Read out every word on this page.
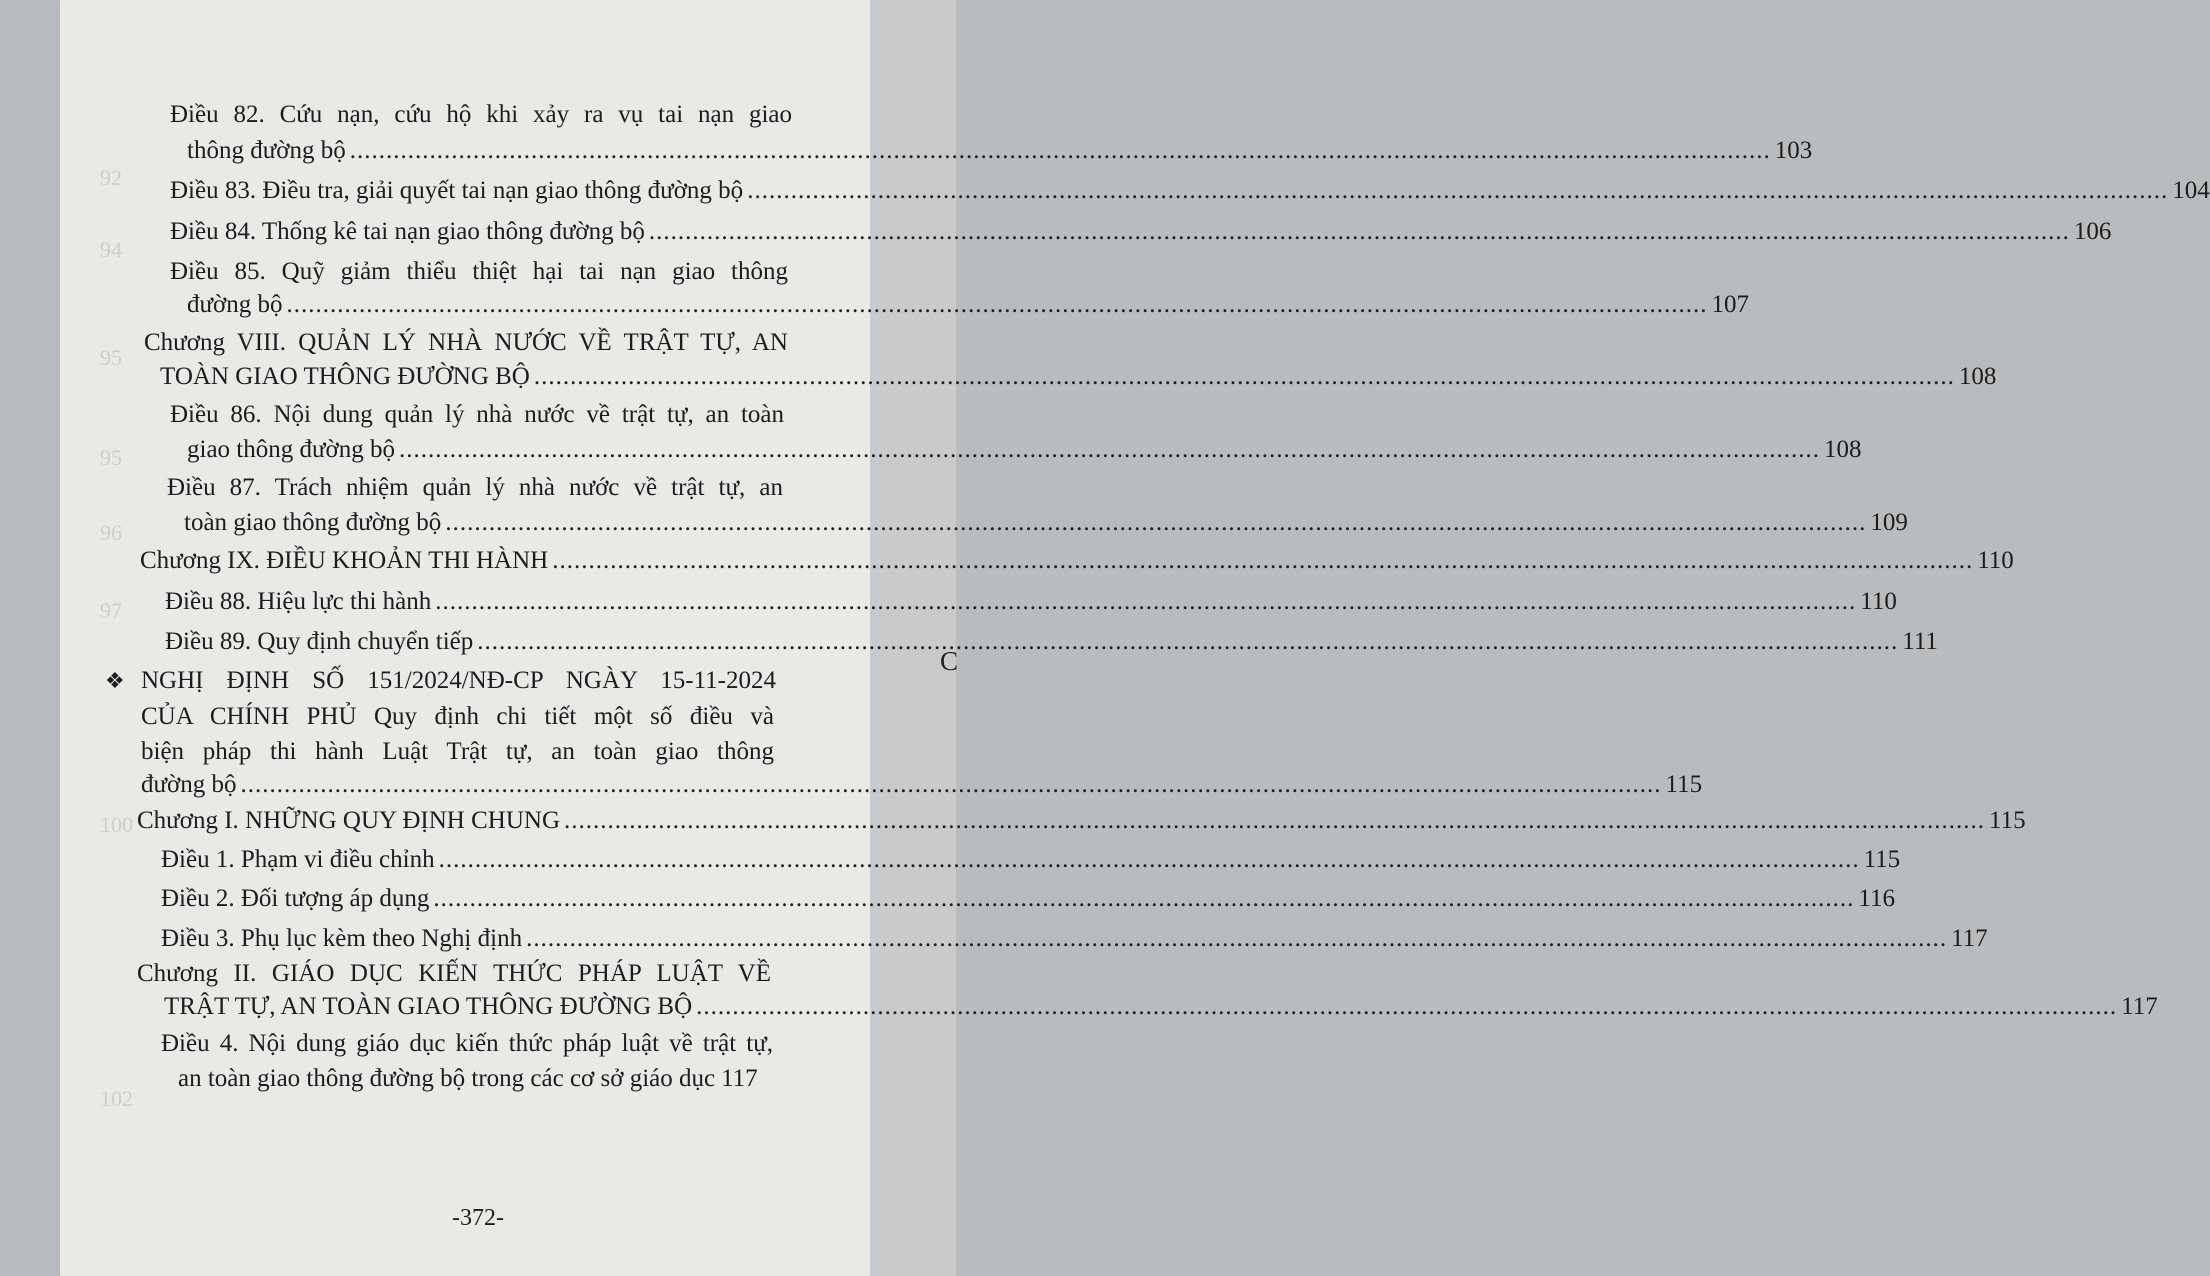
C
92
94
95
95
96
97
100
102
Điều 82. Cứu nạn, cứu hộ khi xảy ra vụ tai nạn giao
thông đường bộ .....	103
Điều 83. Điều tra, giải quyết tai nạn giao thông đường bộ .....	104
Điều 84. Thống kê tai nạn giao thông đường bộ .....	106
Điều 85. Quỹ giảm thiểu thiệt hại tai nạn giao thông
đường bộ .....	107
Chương VIII. QUẢN LÝ NHÀ NƯỚC VỀ TRẬT TỰ, AN
TOÀN GIAO THÔNG ĐƯỜNG BỘ .....	108
Điều 86. Nội dung quản lý nhà nước về trật tự, an toàn
giao thông đường bộ .....	108
Điều 87. Trách nhiệm quản lý nhà nước về trật tự, an
toàn giao thông đường bộ .....	109
Chương IX. ĐIỀU KHOẢN THI HÀNH .....	110
Điều 88. Hiệu lực thi hành .....	110
Điều 89. Quy định chuyển tiếp .....	111
❖ NGHỊ ĐỊNH SỐ 151/2024/NĐ-CP NGÀY 15-11-2024
CỦA CHÍNH PHỦ Quy định chi tiết một số điều và
biện pháp thi hành Luật Trật tự, an toàn giao thông
đường bộ .....	115
Chương I. NHỮNG QUY ĐỊNH CHUNG .....	115
Điều 1. Phạm vi điều chỉnh .....	115
Điều 2. Đối tượng áp dụng .....	116
Điều 3. Phụ lục kèm theo Nghị định .....	117
Chương II. GIÁO DỤC KIẾN THỨC PHÁP LUẬT VỀ
TRẬT TỰ, AN TOÀN GIAO THÔNG ĐƯỜNG BỘ .....	117
Điều 4. Nội dung giáo dục kiến thức pháp luật về trật tự,
an toàn giao thông đường bộ trong các cơ sở giáo dục 117
-372-
